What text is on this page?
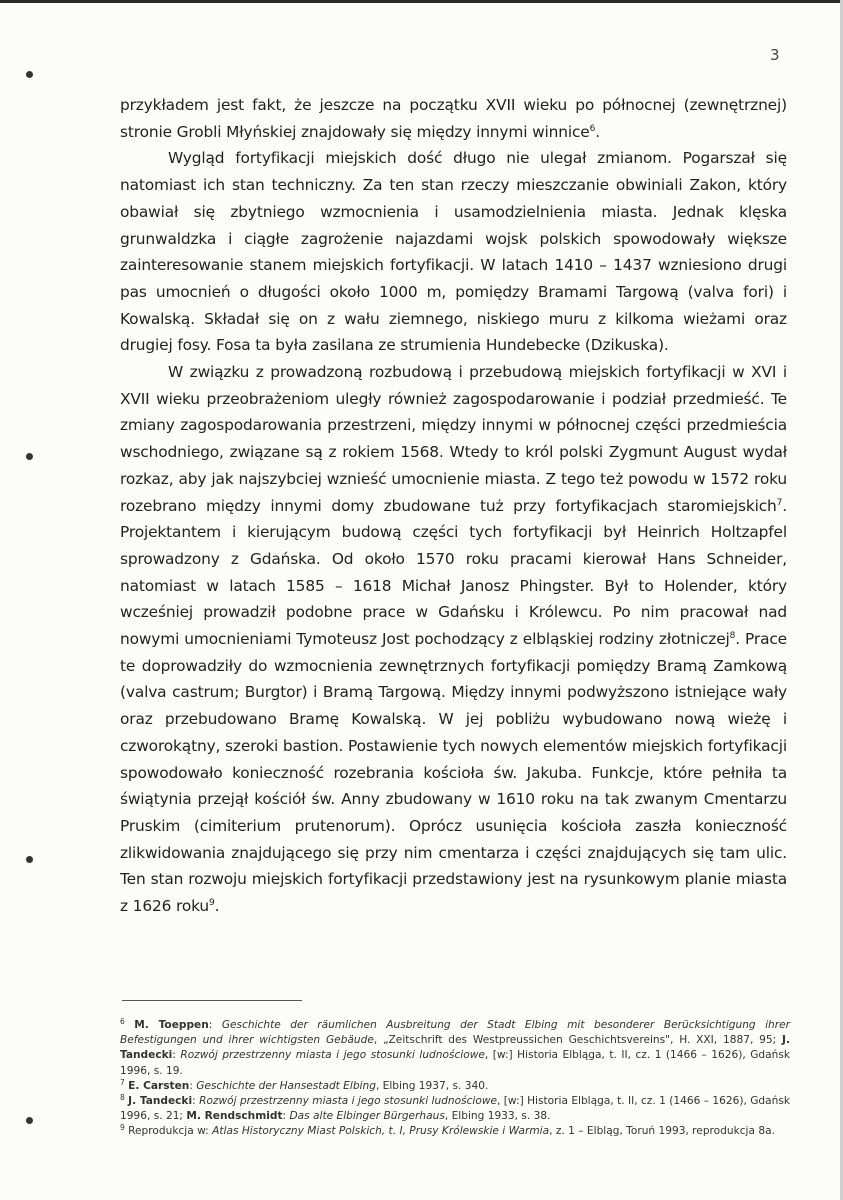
3

przykładem jest fakt, że jeszcze na początku XVII wieku po północnej (zewnętrznej) stronie Grobli Młyńskiej znajdowały się między innymi winnice$^6$.

Wygląd fortyfikacji miejskich dość długo nie ulegał zmianom. Pogarszał się natomiast ich stan techniczny. Za ten stan rzeczy mieszczanie obwiniali Zakon, który obawiał się zbytniego wzmocnienia i usamodzielnienia miasta. Jednak klęska grunwaldzka i ciągłe zagrożenie najazdami wojsk polskich spowodowały większe zainteresowanie stanem miejskich fortyfikacji. W latach 1410 – 1437 wzniesiono drugi pas umocnień o długości około 1000 m, pomiędzy Bramami Targową (valva fori) i Kowalską. Składał się on z wału ziemnego, niskiego muru z kilkoma wieżami oraz drugiej fosy. Fosa ta była zasilana ze strumienia Hundebecke (Dzikuska).

W związku z prowadzoną rozbudową i przebudową miejskich fortyfikacji w XVI i XVII wieku przeobrażeniom uległy również zagospodarowanie i podział przedmieść. Te zmiany zagospodarowania przestrzeni, między innymi w północnej części przedmieścia wschodniego, związane są z rokiem 1568. Wtedy to król polski Zygmunt August wydał rozkaz, aby jak najszybciej wznieść umocnienie miasta. Z tego też powodu w 1572 roku rozebrano między innymi domy zbudowane tuż przy fortyfikacjach staromiejskich$^7$. Projektantem i kierującym budową części tych fortyfikacji był Heinrich Holtzapfel sprowadzony z Gdańska. Od około 1570 roku pracami kierował Hans Schneider, natomiast w latach 1585 – 1618 Michał Janosz Phingster. Był to Holender, który wcześniej prowadził podobne prace w Gdańsku i Królewcu. Po nim pracował nad nowymi umocnieniami Tymoteusz Jost pochodzący z elbląskiej rodziny złotniczej$^8$. Prace te doprowadziły do wzmocnienia zewnętrznych fortyfikacji pomiędzy Bramą Zamkową (valva castrum; Burgtor) i Bramą Targową. Między innymi podwyższono istniejące wały oraz przebudowano Bramę Kowalską. W jej pobliżu wybudowano nową wieżę i czworokątny, szeroki bastion. Postawienie tych nowych elementów miejskich fortyfikacji spowodowało konieczność rozebrania kościoła św. Jakuba. Funkcje, które pełniła ta świątynia przejął kościół św. Anny zbudowany w 1610 roku na tak zwanym Cmentarzu Pruskim (cimiterium prutenorum). Oprócz usunięcia kościoła zaszła konieczność zlikwidowania znajdującego się przy nim cmentarza i części znajdujących się tam ulic. Ten stan rozwoju miejskich fortyfikacji przedstawiony jest na rysunkowym planie miasta z 1626 roku$^9$.

$^6$ M. Toeppen: Geschichte der räumlichen Ausbreitung der Stadt Elbing mit besonderer Berücksichtigung ihrer Befestigungen und ihrer wichtigsten Gebäude, „Zeitschrift des Westpreussichen Geschichtsvereins", H. XXI, 1887, 95; J. Tandecki: Rozwój przestrzenny miasta i jego stosunki ludnościowe, [w:] Historia Elbląga, t. II, cz. 1 (1466 – 1626), Gdańsk 1996, s. 19.

$^7$ E. Carsten: Geschichte der Hansestadt Elbing, Elbing 1937, s. 340.

$^8$ J. Tandecki: Rozwój przestrzenny miasta i jego stosunki ludnościowe, [w:] Historia Elbląga, t. II, cz. 1 (1466 – 1626), Gdańsk 1996, s. 21; M. Rendschmidt: Das alte Elbinger Bürgerhaus, Elbing 1933, s. 38.

$^9$ Reprodukcja w: Atlas Historyczny Miast Polskich, t. I, Prusy Królewskie i Warmia, z. 1 – Elbląg, Toruń 1993, reprodukcja 8a.
